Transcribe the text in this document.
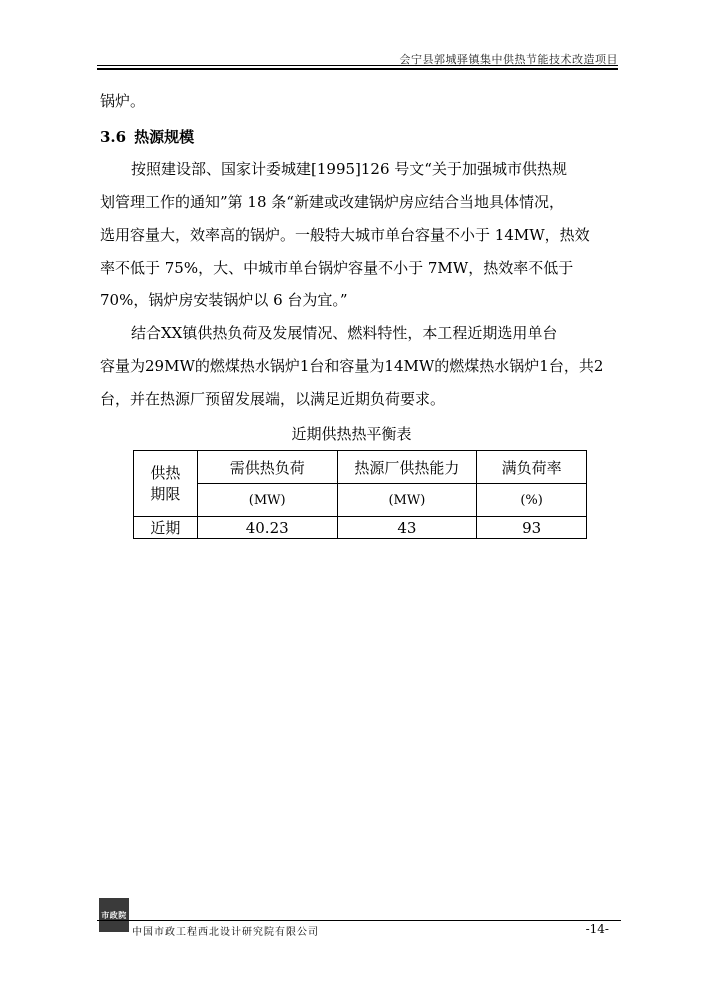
会宁县郭城驿镇集中供热节能技术改造项目
锅炉。
3.6 热源规模
按照建设部、国家计委城建[1995]126 号文“关于加强城市供热规
划管理工作的通知”第 18 条“新建或改建锅炉房应结合当地具体情况，
选用容量大，效率高的锅炉。一般特大城市单台容量不小于 14MW，热效
率不低于 75%，大、中城市单台锅炉容量不小于 7MW，热效率不低于
70%，锅炉房安装锅炉以 6 台为宜。”
结合XX镇供热负荷及发展情况、燃料特性，本工程近期选用单台
容量为29MW的燃煤热水锅炉1台和容量为14MW的燃煤热水锅炉1台，共2
台，并在热源厂预留发展端，以满足近期负荷要求。
近期供热热平衡表
供热
期限	需供热负荷	热源厂供热能力	满负荷率
	(MW)	(MW)	(%)
近期	40.23	43	93
市政院
中国市政工程西北设计研究院有限公司	-14-
